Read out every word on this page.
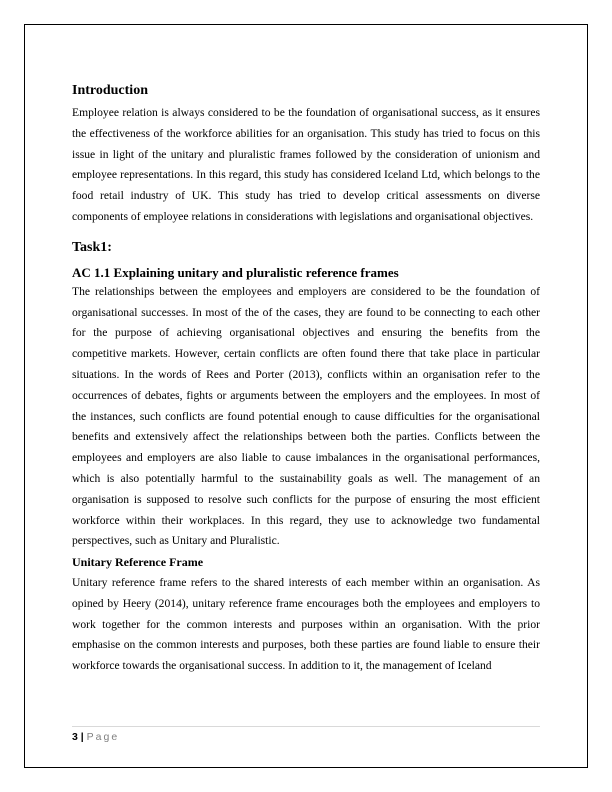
Introduction

Employee relation is always considered to be the foundation of organisational success, as it ensures the effectiveness of the workforce abilities for an organisation. This study has tried to focus on this issue in light of the unitary and pluralistic frames followed by the consideration of unionism and employee representations. In this regard, this study has considered Iceland Ltd, which belongs to the food retail industry of UK. This study has tried to develop critical assessments on diverse components of employee relations in considerations with legislations and organisational objectives.

Task1:
AC 1.1 Explaining unitary and pluralistic reference frames

The relationships between the employees and employers are considered to be the foundation of organisational successes. In most of the of the cases, they are found to be connecting to each other for the purpose of achieving organisational objectives and ensuring the benefits from the competitive markets. However, certain conflicts are often found there that take place in particular situations. In the words of Rees and Porter (2013), conflicts within an organisation refer to the occurrences of debates, fights or arguments between the employers and the employees. In most of the instances, such conflicts are found potential enough to cause difficulties for the organisational benefits and extensively affect the relationships between both the parties. Conflicts between the employees and employers are also liable to cause imbalances in the organisational performances, which is also potentially harmful to the sustainability goals as well. The management of an organisation is supposed to resolve such conflicts for the purpose of ensuring the most efficient workforce within their workplaces. In this regard, they use to acknowledge two fundamental perspectives, such as Unitary and Pluralistic.

Unitary Reference Frame

Unitary reference frame refers to the shared interests of each member within an organisation. As opined by Heery (2014), unitary reference frame encourages both the employees and employers to work together for the common interests and purposes within an organisation. With the prior emphasise on the common interests and purposes, both these parties are found liable to ensure their workforce towards the organisational success. In addition to it, the management of Iceland

3 | Page
